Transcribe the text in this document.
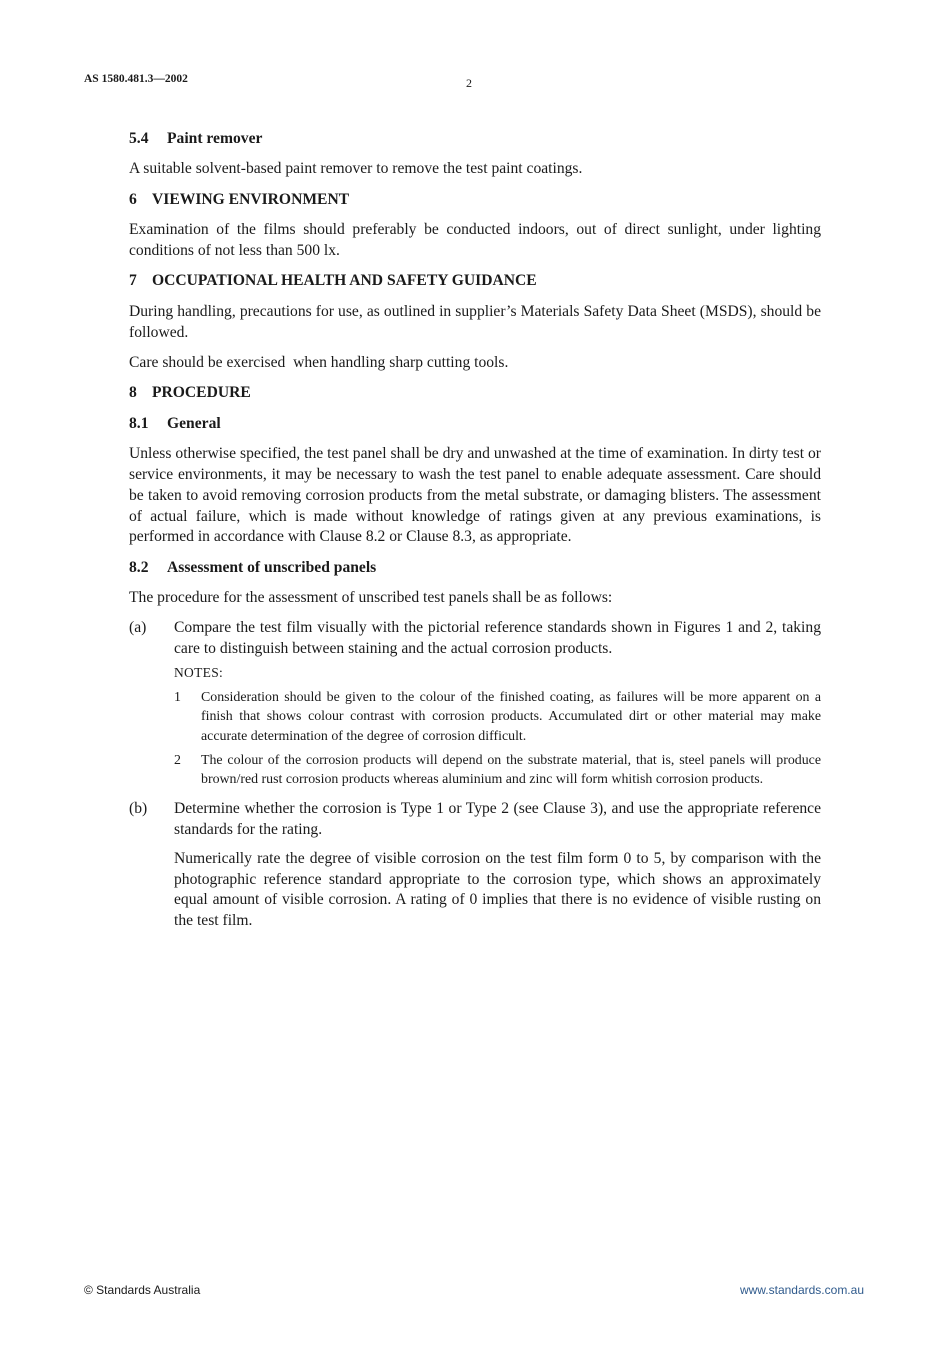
AS 1580.481.3—2002	2
5.4 Paint remover
A suitable solvent-based paint remover to remove the test paint coatings.
6 VIEWING ENVIRONMENT
Examination of the films should preferably be conducted indoors, out of direct sunlight, under lighting conditions of not less than 500 lx.
7 OCCUPATIONAL HEALTH AND SAFETY GUIDANCE
During handling, precautions for use, as outlined in supplier’s Materials Safety Data Sheet (MSDS), should be followed.
Care should be exercised  when handling sharp cutting tools.
8 PROCEDURE
8.1 General
Unless otherwise specified, the test panel shall be dry and unwashed at the time of examination. In dirty test or service environments, it may be necessary to wash the test panel to enable adequate assessment. Care should be taken to avoid removing corrosion products from the metal substrate, or damaging blisters. The assessment of actual failure, which is made without knowledge of ratings given at any previous examinations, is performed in accordance with Clause 8.2 or Clause 8.3, as appropriate.
8.2 Assessment of unscribed panels
The procedure for the assessment of unscribed test panels shall be as follows:
(a) Compare the test film visually with the pictorial reference standards shown in Figures 1 and 2, taking care to distinguish between staining and the actual corrosion products.
NOTES:
1 Consideration should be given to the colour of the finished coating, as failures will be more apparent on a finish that shows colour contrast with corrosion products. Accumulated dirt or other material may make accurate determination of the degree of corrosion difficult.
2 The colour of the corrosion products will depend on the substrate material, that is, steel panels will produce brown/red rust corrosion products whereas aluminium and zinc will form whitish corrosion products.
(b) Determine whether the corrosion is Type 1 or Type 2 (see Clause 3), and use the appropriate reference standards for the rating.
Numerically rate the degree of visible corrosion on the test film form 0 to 5, by comparison with the photographic reference standard appropriate to the corrosion type, which shows an approximately equal amount of visible corrosion. A rating of 0 implies that there is no evidence of visible rusting on the test film.
© Standards Australia	www.standards.com.au
